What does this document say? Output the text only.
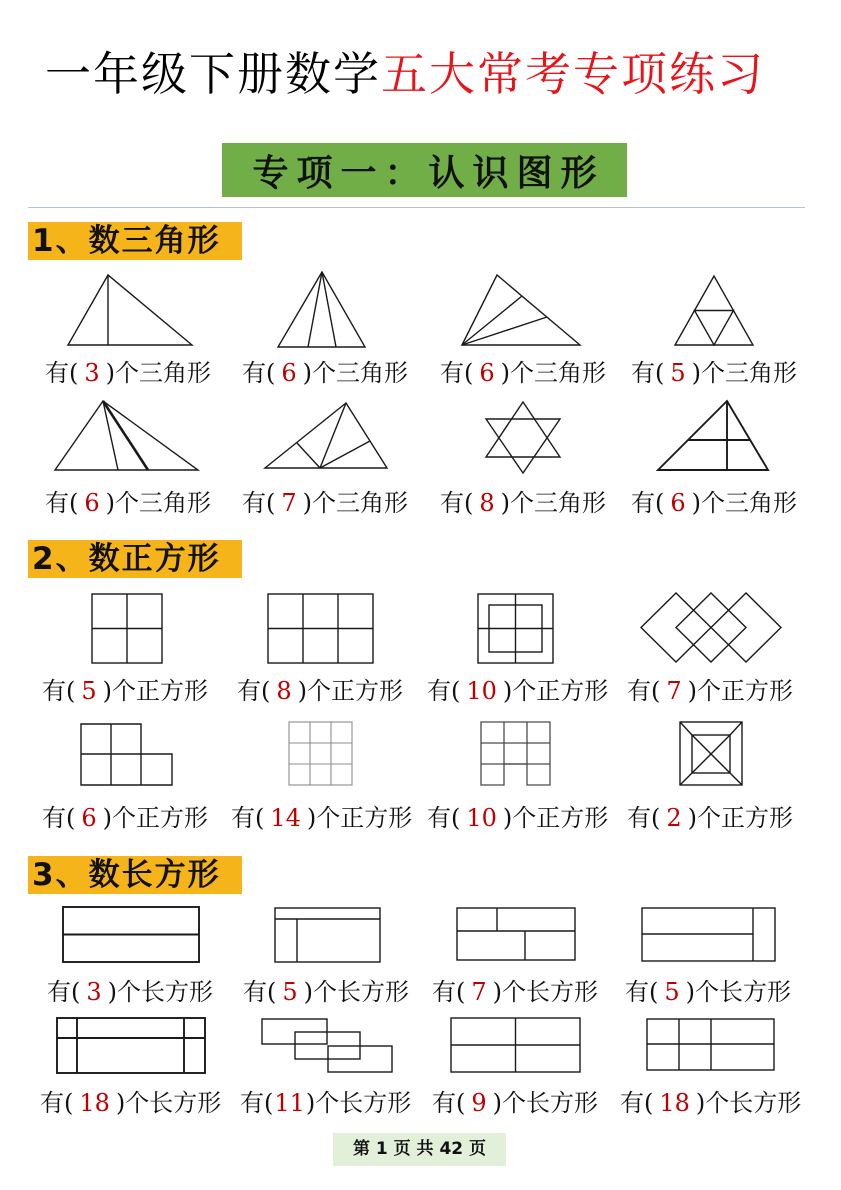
一年级下册数学五大常考专项练习
专项一：认识图形
1、数三角形
2、数正方形
3、数长方形
有( 3 )个三角形 有( 6 )个三角形 有( 6 )个三角形 有( 5 )个三角形
有( 6 )个三角形 有( 7 )个三角形 有( 8 )个三角形 有( 6 )个三角形
有( 5 )个正方形 有( 8 )个正方形 有( 10 )个正方形 有( 7 )个正方形
有( 6 )个正方形 有( 14 )个正方形 有( 10 )个正方形 有( 2 )个正方形
有( 3 )个长方形 有( 5 )个长方形 有( 7 )个长方形 有( 5 )个长方形
有( 18 )个长方形 有(11)个长方形 有( 9 )个长方形 有( 18 )个长方形
第 1 页 共 42 页
